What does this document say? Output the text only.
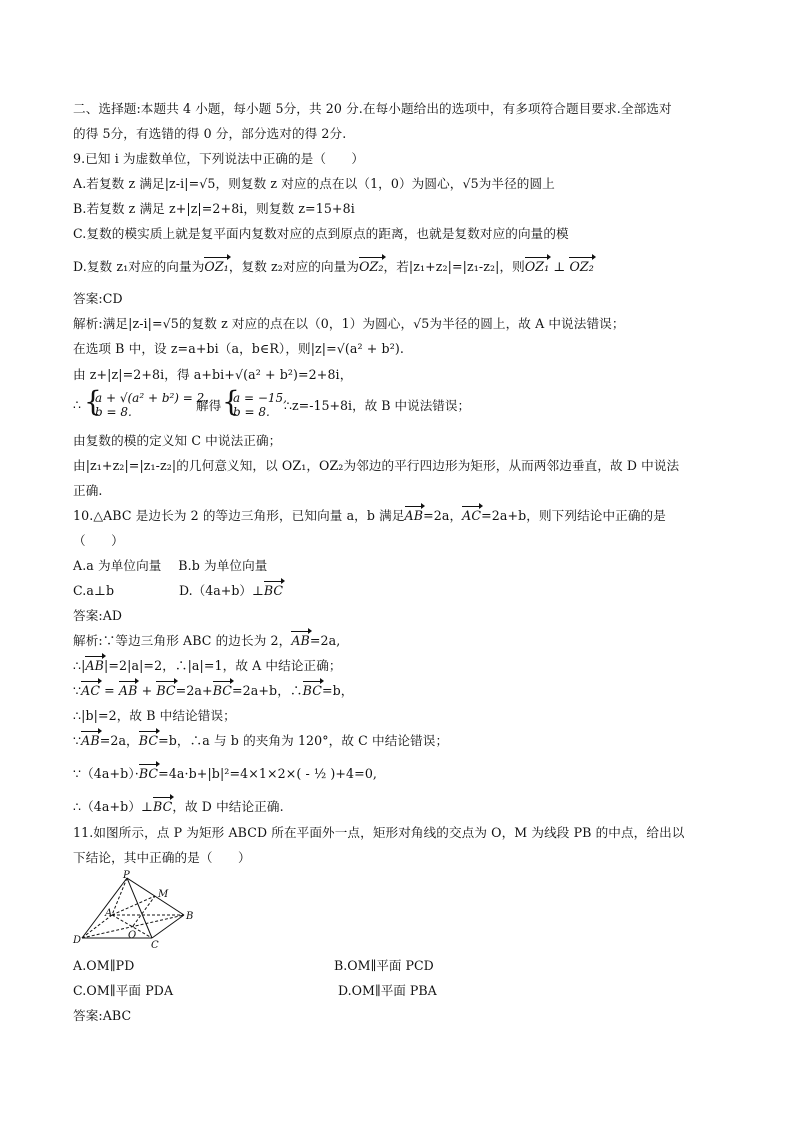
二、选择题:本题共 4 小题，每小题 5分，共 20 分.在每小题给出的选项中，有多项符合题目要求.全部选对
的得 5分，有选错的得 0 分，部分选对的得 2分.
9.已知 i 为虚数单位，下列说法中正确的是（　　）
A.若复数 z 满足|z-i|=√5，则复数 z 对应的点在以（1，0）为圆心，√5为半径的圆上
B.若复数 z 满足 z+|z|=2+8i，则复数 z=15+8i
C.复数的模实质上就是复平面内复数对应的点到原点的距离，也就是复数对应的向量的模
D.复数 z₁对应的向量为OZ₁，复数 z₂对应的向量为OZ₂，若|z₁+z₂|=|z₁-z₂|，则OZ₁ ⊥ OZ₂
答案:CD
解析:满足|z-i|=√5的复数 z 对应的点在以（0，1）为圆心，√5为半径的圆上，故 A 中说法错误；
在选项 B 中，设 z=a+bi（a，b∈R），则|z|=√(a² + b²).
由 z+|z|=2+8i，得 a+bi+√(a² + b²)=2+8i，
∴ {
a + √(a² + b²) = 2,
b = 8.	解得 {
a = −15,
b = 8. ∴z=-15+8i，故 B 中说法错误；
由复数的模的定义知 C 中说法正确；
由|z₁+z₂|=|z₁-z₂|的几何意义知，以 OZ₁，OZ₂为邻边的平行四边形为矩形，从而两邻边垂直，故 D 中说法
正确.
10.△ABC 是边长为 2 的等边三角形，已知向量 a，b 满足AB=2a，AC=2a+b，则下列结论中正确的是
（　　）
A.a 为单位向量　 B.b 为单位向量
C.a⊥b	D.（4a+b）⊥BC
答案:AD
解析:∵等边三角形 ABC 的边长为 2，AB=2a,
∴|AB|=2|a|=2，∴|a|=1，故 A 中结论正确；
∵AC = AB + BC=2a+BC=2a+b，∴BC=b，
∴|b|=2，故 B 中结论错误；
∵AB=2a，BC=b，∴a 与 b 的夹角为 120°，故 C 中结论错误；
∵（4a+b）·BC=4a·b+|b|²=4×1×2×( - ½ )+4=0,
∴（4a+b）⊥BC，故 D 中结论正确.
11.如图所示，点 P 为矩形 ABCD 所在平面外一点，矩形对角线的交点为 O，M 为线段 PB 的中点，给出以
下结论，其中正确的是（　　）
P
M
A	B
D	O
C
A.OM∥PD	B.OM∥平面 PCD
C.OM∥平面 PDA	D.OM∥平面 PBA
答案:ABC
